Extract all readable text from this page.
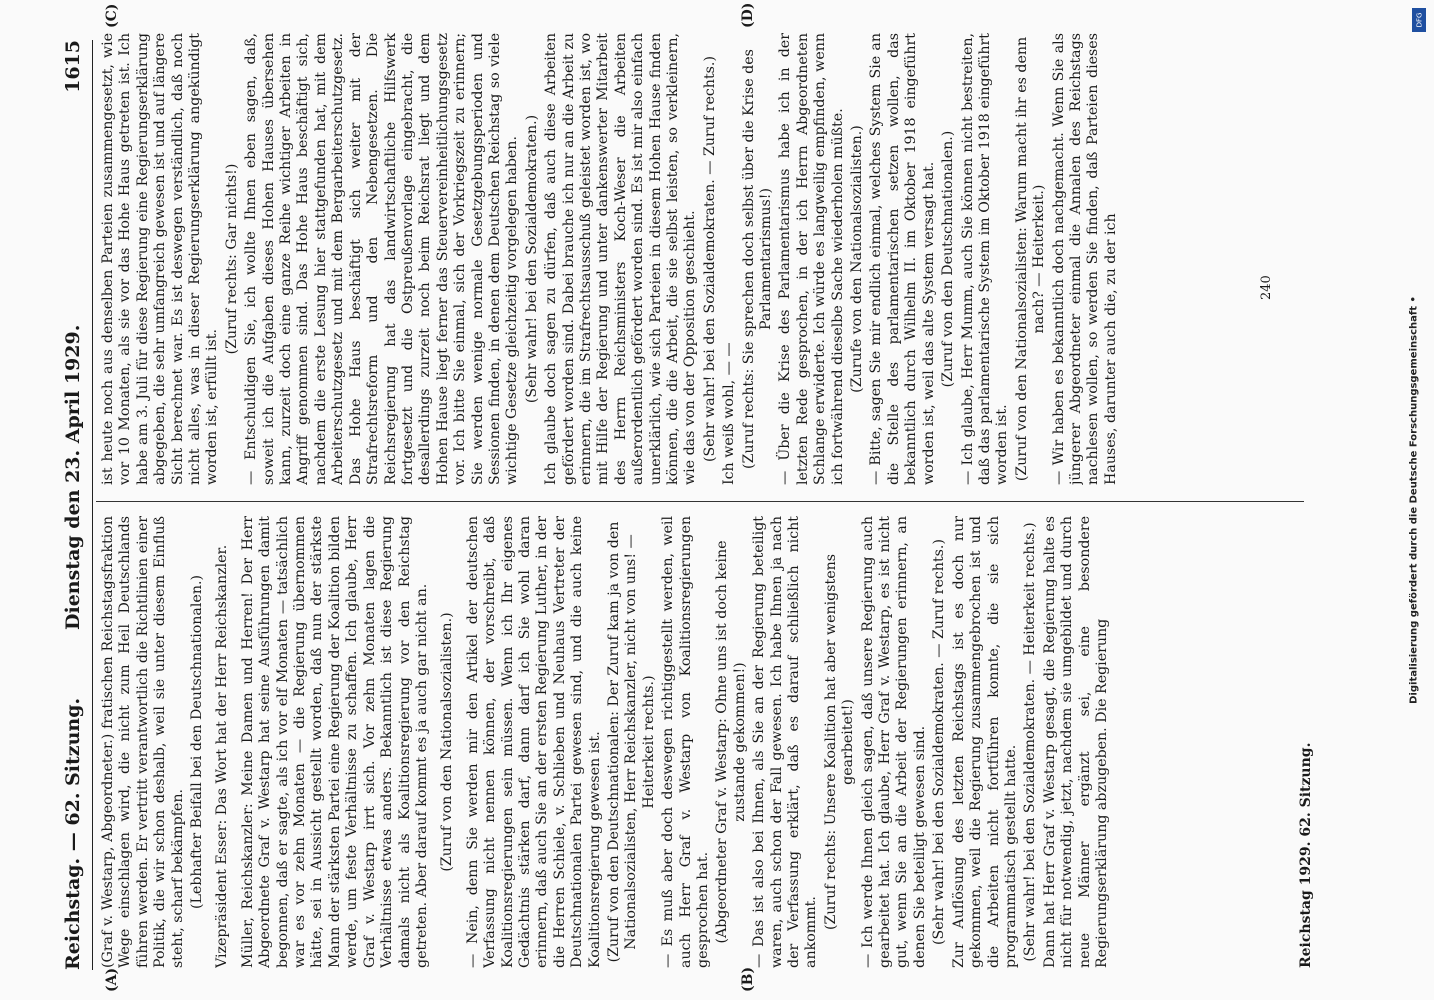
Reichstag. — 62. Sitzung.
Dienstag den 23. April 1929.
1615
(A)	(B)
(C)	(D)

(Graf v. Westarp, Abgeordneter.) fratischen Reichstagsfraktion Wege einschlagen wird, die nicht zum Heil Deutschlands führen werden. Er vertritt verantwortlich die Richtlinien einer Politik, die wir schon deshalb, weil sie unter diesem Einfluß steht, scharf bekämpfen. (Lebhafter Beifall bei den Deutschnationalen.) Vizepräsident Esser: Das Wort hat der Herr Reichskanzler. Müller, Reichskanzler: Meine Damen und Herren! Der Herr Abgeordnete Graf v. Westarp hat seine Ausführungen damit begonnen, daß er sagte, als ich vor elf Monaten — tatsächlich war es vor zehn Monaten — die Regierung übernommen hätte, sei in Aussicht gestellt worden, daß nun der stärkste Mann der stärksten Partei eine Regierung der Koalition bilden werde, um feste Verhältnisse zu schaffen. Ich glaube, Herr Graf v. Westarp irrt sich. Vor zehn Monaten lagen die Verhältnisse etwas anders. Bekanntlich ist diese Regierung damals nicht als Koalitionsregierung vor den Reichstag getreten. Aber darauf kommt es ja auch gar nicht an. (Zuruf von den Nationalsozialisten.) — Nein, denn Sie werden mir den Artikel der deutschen Verfassung nicht nennen können, der vorschreibt, daß Koalitionsregierungen sein müssen. Wenn ich Ihr eigenes Gedächtnis stärken darf, dann darf ich Sie wohl daran erinnern, daß auch Sie an der ersten Regierung Luther, in der die Herren Schiele, v. Schlieben und Neuhaus Vertreter der Deutschnationalen Partei gewesen sind, und die auch keine Koalitionsregierung gewesen ist. (Zuruf von den Deutschnationalen: Der Zuruf kam ja von den Nationalsozialisten, Herr Reichskanzler, nicht von uns! — Heiterkeit rechts.) — Es muß aber doch deswegen richtiggestellt werden, weil auch Herr Graf v. Westarp von Koalitionsregierungen gesprochen hat. (Abgeordneter Graf v. Westarp: Ohne uns ist doch keine zustande gekommen!) — Das ist also bei Ihnen, als Sie an der Regierung beteiligt waren, auch schon der Fall gewesen. Ich habe Ihnen ja nach der Verfassung erklärt, daß es darauf schließlich nicht ankommt.

(Zuruf rechts: Unsere Koalition hat aber wenigstens gearbeitet!) — Ich werde Ihnen gleich sagen, daß unsere Regierung auch gearbeitet hat. Ich glaube, Herr Graf v. Westarp, es ist nicht gut, wenn Sie an die Arbeit der Regierungen erinnern, an denen Sie beteiligt gewesen sind. (Sehr wahr! bei den Sozialdemokraten. — Zuruf rechts.) Zur Auflösung des letzten Reichstags ist es doch nur gekommen, weil die Regierung zusammengebrochen ist und die Arbeiten nicht fortführen konnte, die sie sich programmatisch gestellt hatte. (Sehr wahr! bei den Sozialdemokraten. — Heiterkeit rechts.) Dann hat Herr Graf v. Westarp gesagt, die Regierung halte es nicht für notwendig, jetzt, nachdem sie umgebildet und durch neue Männer ergänzt sei, eine besondere Regierungserklärung abzugeben. Die Regierung

ist heute noch aus denselben Parteien zusammengesetzt, wie vor 10 Monaten, als sie vor das Hohe Haus getreten ist. Ich habe am 3. Juli für diese Regierung eine Regierungserklärung abgegeben, die sehr umfangreich gewesen ist und auf längere Sicht berechnet war. Es ist deswegen verständlich, daß noch nicht alles, was in dieser Regierungserklärung angekündigt worden ist, erfüllt ist.

(Zuruf rechts: Gar nichts!) — Entschuldigen Sie, ich wollte Ihnen eben sagen, daß, soweit ich die Aufgaben dieses Hohen Hauses übersehen kann, zurzeit doch eine ganze Reihe wichtiger Arbeiten in Angriff genommen sind. Das Hohe Haus beschäftigt sich, nachdem die erste Lesung hier stattgefunden hat, mit dem Arbeiterschutzgesetz und mit dem Bergarbeiterschutzgesetz. Das Hohe Haus beschäftigt sich weiter mit der Strafrechtsreform und den Nebengesetzen. Die Reichsregierung hat das landwirtschaftliche Hilfswerk fortgesetzt und die Ostpreußenvorlage eingebracht, die desallerdings zurzeit noch beim Reichsrat liegt und dem Hohen Hause liegt ferner das Steuervereinheitlichungsgesetz vor. Ich bitte Sie einmal, sich der Vorkriegszeit zu erinnern; Sie werden wenige normale Gesetzgebungsperioden und Sessionen finden, in denen dem Deutschen Reichstag so viele wichtige Gesetze gleichzeitig vorgelegen haben. (Sehr wahr! bei den Sozialdemokraten.) Ich glaube doch sagen zu dürfen, daß auch diese Arbeiten gefördert worden sind. Dabei brauche ich nur an die Arbeit zu erinnern, die im Strafrechtsausschuß geleistet worden ist, wo mit Hilfe der Regierung und unter dankenswerter Mitarbeit des Herrn Reichsministers Koch-Weser die Arbeiten außerordentlich gefördert worden sind. Es ist mir also einfach unerklärlich, wie sich Parteien in diesem Hohen Hause finden können, die die Arbeit, die sie selbst leisten, so verkleinern, wie das von der Opposition geschieht. (Sehr wahr! bei den Sozialdemokraten. — Zuruf rechts.) Ich weiß wohl, — — (Zuruf rechts: Sie sprechen doch selbst über die Krise des Parlamentarismus!) — Über die Krise des Parlamentarismus habe ich in der letzten Rede gesprochen, in der ich Herrn Abgeordneten Schlange erwiderte. Ich würde es langweilig empfinden, wenn ich fortwährend dieselbe Sache wiederholen müßte. (Zurufe von den Nationalsozialisten.) — Bitte, sagen Sie mir endlich einmal, welches System Sie an die Stelle des parlamentarischen setzen wollen, das bekanntlich durch Wilhelm II. im Oktober 1918 eingeführt worden ist, weil das alte System versagt hat. (Zuruf von den Deutschnationalen.) — Ich glaube, Herr Mumm, auch Sie können nicht bestreiten, daß das parlamentarische System im Oktober 1918 eingeführt worden ist. (Zuruf von den Nationalsozialisten: Warum macht ihr es denn nach? — Heiterkeit.) — Wir haben es bekanntlich doch nachgemacht. Wenn Sie als jüngerer Abgeordneter einmal die Annalen des Reichstags nachlesen wollen, so werden Sie finden, daß Parteien dieses Hauses, darunter auch die, zu der ich

Reichstag 1929. 62. Sitzung.
240
Digitalisierung gefördert durch die Deutsche Forschungsgemeinschaft •
DFG
